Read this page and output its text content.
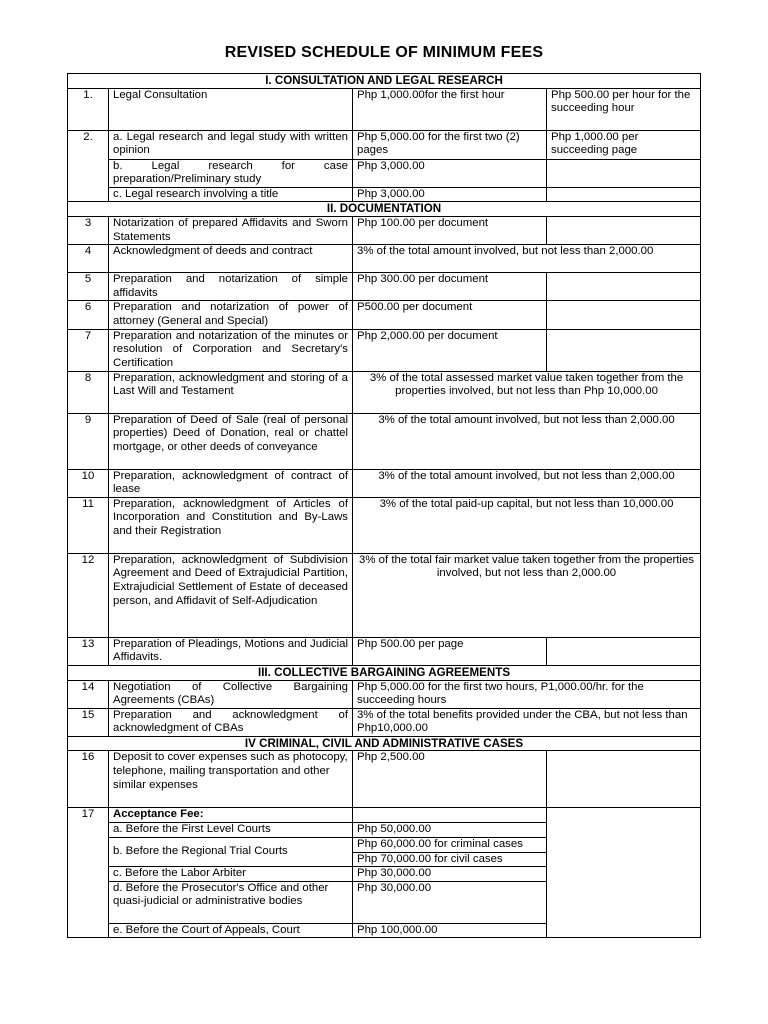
REVISED SCHEDULE OF MINIMUM FEES
I. CONSULTATION AND LEGAL RESEARCH			
1.	Legal Consultation	Php 1,000.00for the first hour	Php 500.00 per hour for the succeeding hour
2.	a. Legal research and legal study with written opinion	Php 5,000.00 for the first two (2) pages	Php 1,000.00 per succeeding page
	b. Legal research for case preparation/Preliminary study	Php 3,000.00	
	c. Legal research involving a title	Php 3,000.00	
II. DOCUMENTATION			
3	Notarization of prepared Affidavits and Sworn Statements	Php 100.00 per document	
4	Acknowledgment of deeds and contract	3% of the total amount involved, but not less than 2,000.00	
5	Preparation and notarization of simple affidavits	Php 300.00 per document	
6	Preparation and notarization of power of attorney (General and Special)	P500.00 per document	
7	Preparation and notarization of the minutes or resolution of Corporation and Secretary's Certification	Php 2,000.00 per document	
8	Preparation, acknowledgment and storing of a Last Will and Testament	3% of the total assessed market value taken together from the properties involved, but not less than Php 10,000.00	
9	Preparation of Deed of Sale (real of personal properties) Deed of Donation, real or chattel mortgage, or other deeds of conveyance	3% of the total amount involved, but not less than 2,000.00	
10	Preparation, acknowledgment of contract of lease	3% of the total amount involved, but not less than 2,000.00	
11	Preparation, acknowledgment of Articles of Incorporation and Constitution and By-Laws and their Registration	3% of the total paid-up capital, but not less than 10,000.00	
12	Preparation, acknowledgment of Subdivision Agreement and Deed of Extrajudicial Partition, Extrajudicial Settlement of Estate of deceased person, and Affidavit of Self-Adjudication	3% of the total fair market value taken together from the properties involved, but not less than 2,000.00	
13	Preparation of Pleadings, Motions and Judicial Affidavits.	Php 500.00 per page	
III. COLLECTIVE BARGAINING AGREEMENTS			
14	Negotiation of Collective Bargaining Agreements (CBAs)	Php 5,000.00 for the first two hours, P1,000.00/hr. for the succeeding hours	
15	Preparation and acknowledgment of acknowledgment of CBAs	3% of the total benefits provided under the CBA, but not less than Php10,000.00	
IV CRIMINAL, CIVIL AND ADMINISTRATIVE CASES			
16	Deposit to cover expenses such as photocopy, telephone, mailing transportation and other similar expenses	Php 2,500.00	
17	Acceptance Fee:		
	a. Before the First Level Courts	Php 50,000.00	
	b. Before the Regional Trial Courts	Php 60,000.00 for criminal cases	
		Php 70,000.00 for civil cases	
	c. Before the Labor Arbiter	Php 30,000.00	
	d. Before the Prosecutor's Office and other quasi-judicial or administrative bodies	Php 30,000.00	
	e. Before the Court of Appeals, Court	Php 100,000.00	
